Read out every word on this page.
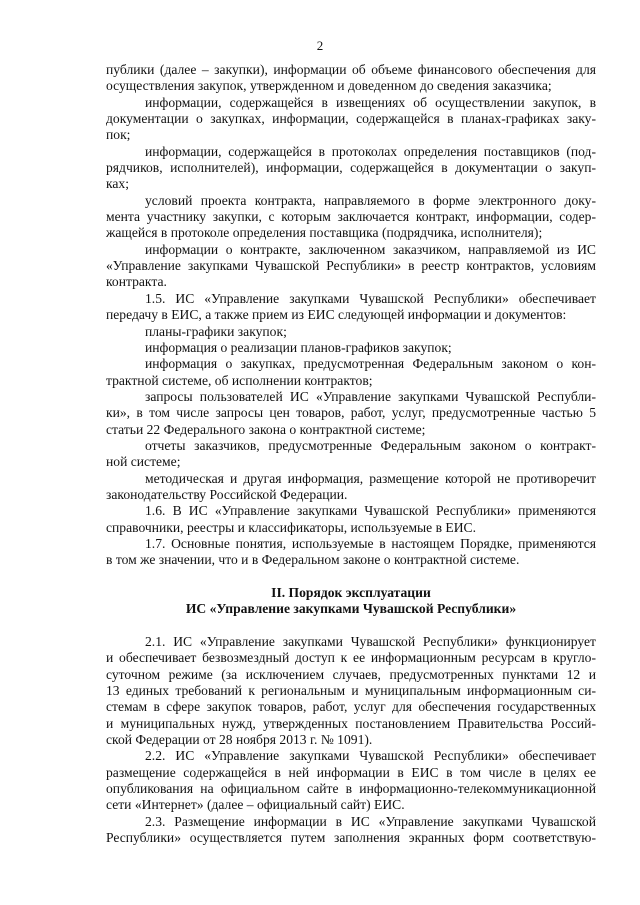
2
публики (далее – закупки), информации об объеме финансового обеспечения для
осуществления закупок, утвержденном и доведенном до сведения заказчика;
информации, содержащейся в извещениях об осуществлении закупок, в
документации о закупках, информации, содержащейся в планах-графиках заку-
пок;
информации, содержащейся в протоколах определения поставщиков (под-
рядчиков, исполнителей), информации, содержащейся в документации о закуп-
ках;
условий проекта контракта, направляемого в форме электронного доку-
мента участнику закупки, с которым заключается контракт, информации, содер-
жащейся в протоколе определения поставщика (подрядчика, исполнителя);
информации о контракте, заключенном заказчиком, направляемой из ИС
«Управление закупками Чувашской Республики» в реестр контрактов, условиям
контракта.
1.5. ИС «Управление закупками Чувашской Республики» обеспечивает
передачу в ЕИС, а также прием из ЕИС следующей информации и документов:
планы-графики закупок;
информация о реализации планов-графиков закупок;
информация о закупках, предусмотренная Федеральным законом о кон-
трактной системе, об исполнении контрактов;
запросы пользователей ИС «Управление закупками Чувашской Республи-
ки», в том числе запросы цен товаров, работ, услуг, предусмотренные частью 5
статьи 22 Федерального закона о контрактной системе;
отчеты заказчиков, предусмотренные Федеральным законом о контракт-
ной системе;
методическая и другая информация, размещение которой не противоречит
законодательству Российской Федерации.
1.6. В ИС «Управление закупками Чувашской Республики» применяются
справочники, реестры и классификаторы, используемые в ЕИС.
1.7. Основные понятия, используемые в настоящем Порядке, применяются
в том же значении, что и в Федеральном законе о контрактной системе.
II. Порядок эксплуатации
ИС «Управление закупками Чувашской Республики»
2.1. ИС «Управление закупками Чувашской Республики» функционирует
и обеспечивает безвозмездный доступ к ее информационным ресурсам в кругло-
суточном режиме (за исключением случаев, предусмотренных пунктами 12 и
13 единых требований к региональным и муниципальным информационным си-
стемам в сфере закупок товаров, работ, услуг для обеспечения государственных
и муниципальных нужд, утвержденных постановлением Правительства Россий-
ской Федерации от 28 ноября 2013 г. № 1091).
2.2. ИС «Управление закупками Чувашской Республики» обеспечивает
размещение содержащейся в ней информации в ЕИС в том числе в целях ее
опубликования на официальном сайте в информационно-телекоммуникационной
сети «Интернет» (далее – официальный сайт) ЕИС.
2.3. Размещение информации в ИС «Управление закупками Чувашской
Республики» осуществляется путем заполнения экранных форм соответствую-
